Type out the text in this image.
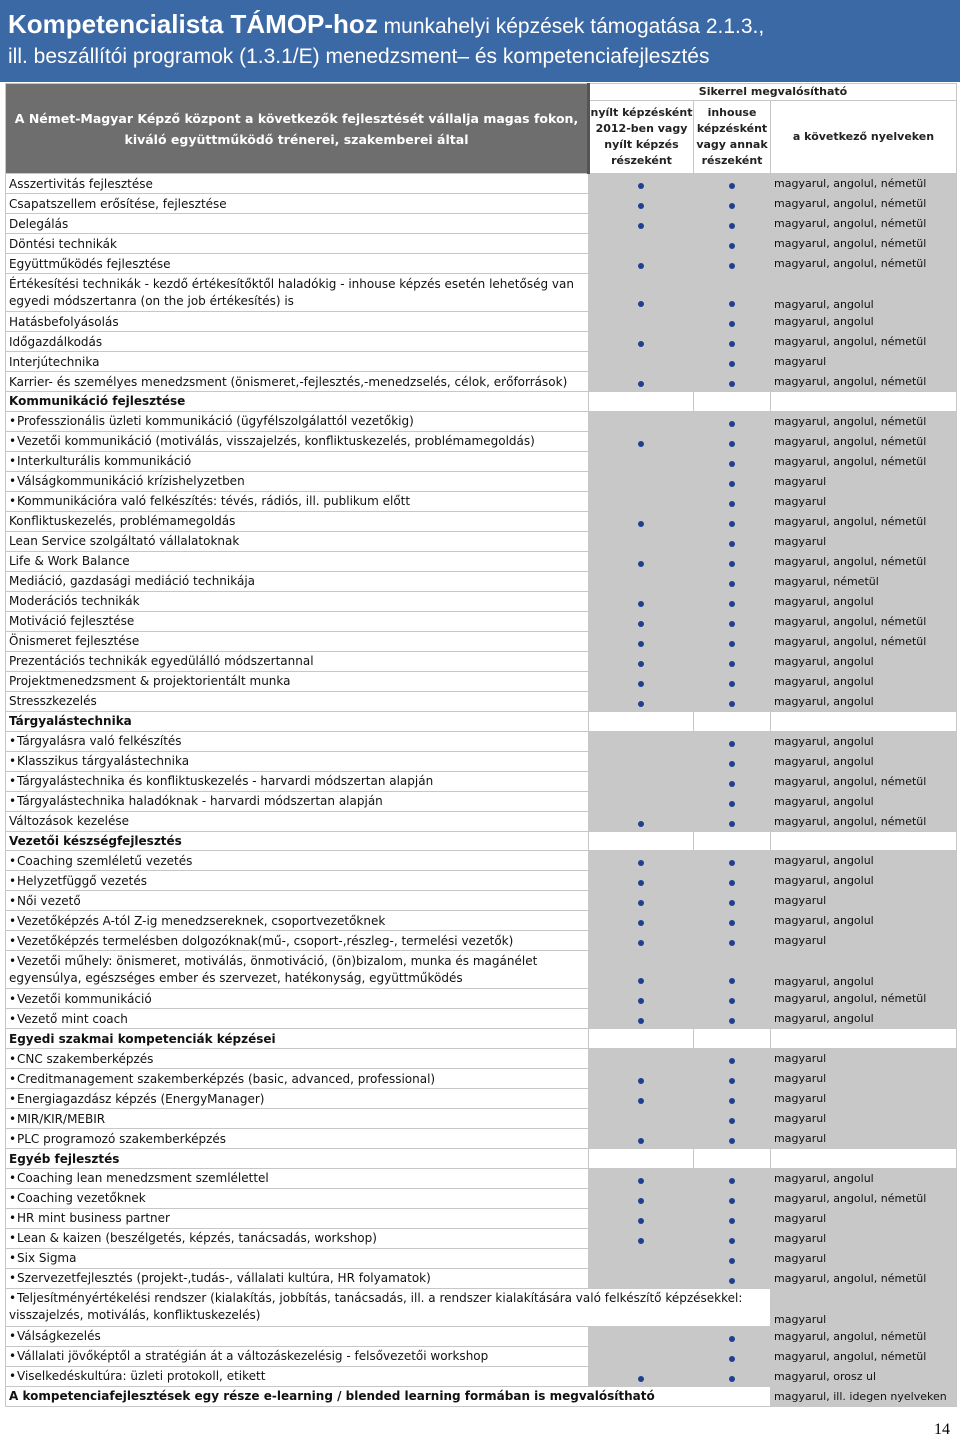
Kompetencialista TÁMOP-hoz munkahelyi képzések támogatása 2.1.3.,
ill. beszállítói programok (1.3.1/E) menedzsment– és kompetenciafejlesztés
A Német-Magyar Képző központ a következők fejlesztését vállalja magas fokon, kiváló együttműködő trénerei, szakemberei által	Sikerrel megvalósítható		
	nyílt képzésként 2012-ben vagy nyílt képzés részeként	inhouse képzésként vagy annak részeként	a következő nyelveken
Asszertivitás fejlesztése			magyarul, angolul, németül
Csapatszellem erősítése, fejlesztése			magyarul, angolul, németül
Delegálás			magyarul, angolul, németül
Döntési technikák			magyarul, angolul, németül
Együttműködés fejlesztése			magyarul, angolul, németül
Értékesítési technikák - kezdő értékesítőktől haladókig - inhouse képzés esetén lehetőség van egyedi módszertanra (on the job értékesítés) is			magyarul, angolul
Hatásbefolyásolás			magyarul, angolul
Időgazdálkodás			magyarul, angolul, németül
Interjútechnika			magyarul
Karrier- és személyes menedzsment (önismeret,-fejlesztés,-menedzselés, célok, erőforrások)			magyarul, angolul, németül
Kommunikáció fejlesztése			
•Professzionális üzleti kommunikáció (ügyfélszolgálattól vezetőkig)			magyarul, angolul, németül
•Vezetői kommunikáció (motiválás, visszajelzés, konfliktuskezelés, problémamegoldás)			magyarul, angolul, németül
•Interkulturális kommunikáció			magyarul, angolul, németül
•Válságkommunikáció krízishelyzetben			magyarul
•Kommunikációra való felkészítés: tévés, rádiós, ill. publikum előtt			magyarul
Konfliktuskezelés, problémamegoldás			magyarul, angolul, németül
Lean Service szolgáltató vállalatoknak			magyarul
Life & Work Balance			magyarul, angolul, németül
Mediáció, gazdasági mediáció technikája			magyarul, németül
Moderációs technikák			magyarul, angolul
Motiváció fejlesztése			magyarul, angolul, németül
Önismeret fejlesztése			magyarul, angolul, németül
Prezentációs technikák egyedülálló módszertannal			magyarul, angolul
Projektmenedzsment & projektorientált munka			magyarul, angolul
Stresszkezelés			magyarul, angolul
Tárgyalástechnika			
•Tárgyalásra való felkészítés			magyarul, angolul
•Klasszikus tárgyalástechnika			magyarul, angolul
•Tárgyalástechnika és konfliktuskezelés - harvardi módszertan alapján			magyarul, angolul, németül
•Tárgyalástechnika haladóknak - harvardi módszertan alapján			magyarul, angolul
Változások kezelése			magyarul, angolul, németül
Vezetői készségfejlesztés			
•Coaching szemléletű vezetés			magyarul, angolul
•Helyzetfüggő vezetés			magyarul, angolul
•Női vezető			magyarul
•Vezetőképzés A-tól Z-ig menedzsereknek, csoportvezetőknek			magyarul, angolul
•Vezetőképzés termelésben dolgozóknak(mű-, csoport-,részleg-, termelési vezetők)			magyarul
•Vezetői műhely: önismeret, motiválás, önmotiváció, (ön)bizalom, munka és magánélet egyensúlya, egészséges ember és szervezet, hatékonyság, együttműködés			magyarul, angolul
•Vezetői kommunikáció			magyarul, angolul, németül
•Vezető mint coach			magyarul, angolul
Egyedi szakmai kompetenciák képzései			
•CNC szakemberképzés			magyarul
•Creditmanagement szakemberképzés (basic, advanced, professional)			magyarul
•Energiagazdász képzés (EnergyManager)			magyarul
•MIR/KIR/MEBIR			magyarul
•PLC programozó szakemberképzés			magyarul
Egyéb fejlesztés			
•Coaching lean menedzsment szemlélettel			magyarul, angolul
•Coaching vezetőknek			magyarul, angolul, németül
•HR mint business partner			magyarul
•Lean & kaizen (beszélgetés, képzés, tanácsadás, workshop)			magyarul
•Six Sigma			magyarul
•Szervezetfejlesztés (projekt-,tudás-, vállalati kultúra, HR folyamatok)			magyarul, angolul, németül
•Teljesítményértékelési rendszer (kialakítás, jobbítás, tanácsadás, ill. a rendszer kialakítására való felkészítő képzésekkel: visszajelzés, motiválás, konfliktuskezelés)			magyarul
•Válságkezelés			magyarul, angolul, németül
•Vállalati jövőképtől a stratégián át a változáskezelésig - felsővezetői workshop			magyarul, angolul, németül
•Viselkedéskultúra: üzleti protokoll, etikett			magyarul, orosz ul
A kompetenciafejlesztések egy része e-learning / blended learning formában is megvalósítható			magyarul, ill. idegen nyelveken
14
